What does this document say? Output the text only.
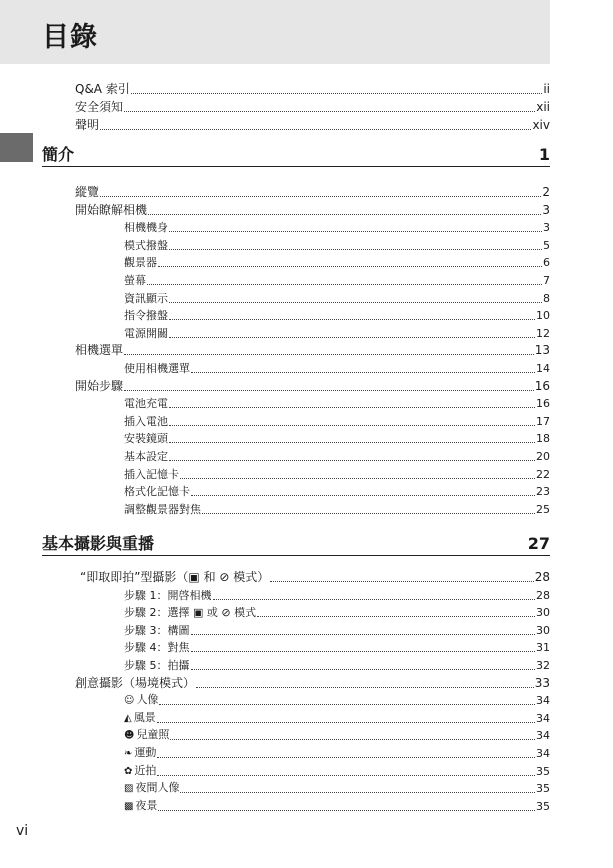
目錄
Q&A 索引	ii
安全須知	xii
聲明	xiv
簡介	1
縱覽	2
開始瞭解相機	3
相機機身	3
模式撥盤	5
觀景器	6
螢幕	7
資訊顯示	8
指令撥盤	10
電源開關	12
相機選單	13
使用相機選單	14
開始步驟	16
電池充電	16
插入電池	17
安裝鏡頭	18
基本設定	20
插入記憶卡	22
格式化記憶卡	23
調整觀景器對焦	25
基本攝影與重播	27
“即取即拍”型攝影（▣ 和 ⊘ 模式）	28
步驟 1：開啓相機	28
步驟 2：選擇 ▣ 或 ⊘ 模式	30
步驟 3：構圖	30
步驟 4：對焦	31
步驟 5：拍攝	32
創意攝影（場境模式）	33
☺ 人像	34
◭ 風景	34
☻ 兒童照	34
❧ 運動	34
✿ 近拍	35
▨ 夜間人像	35
▩ 夜景	35
vi
